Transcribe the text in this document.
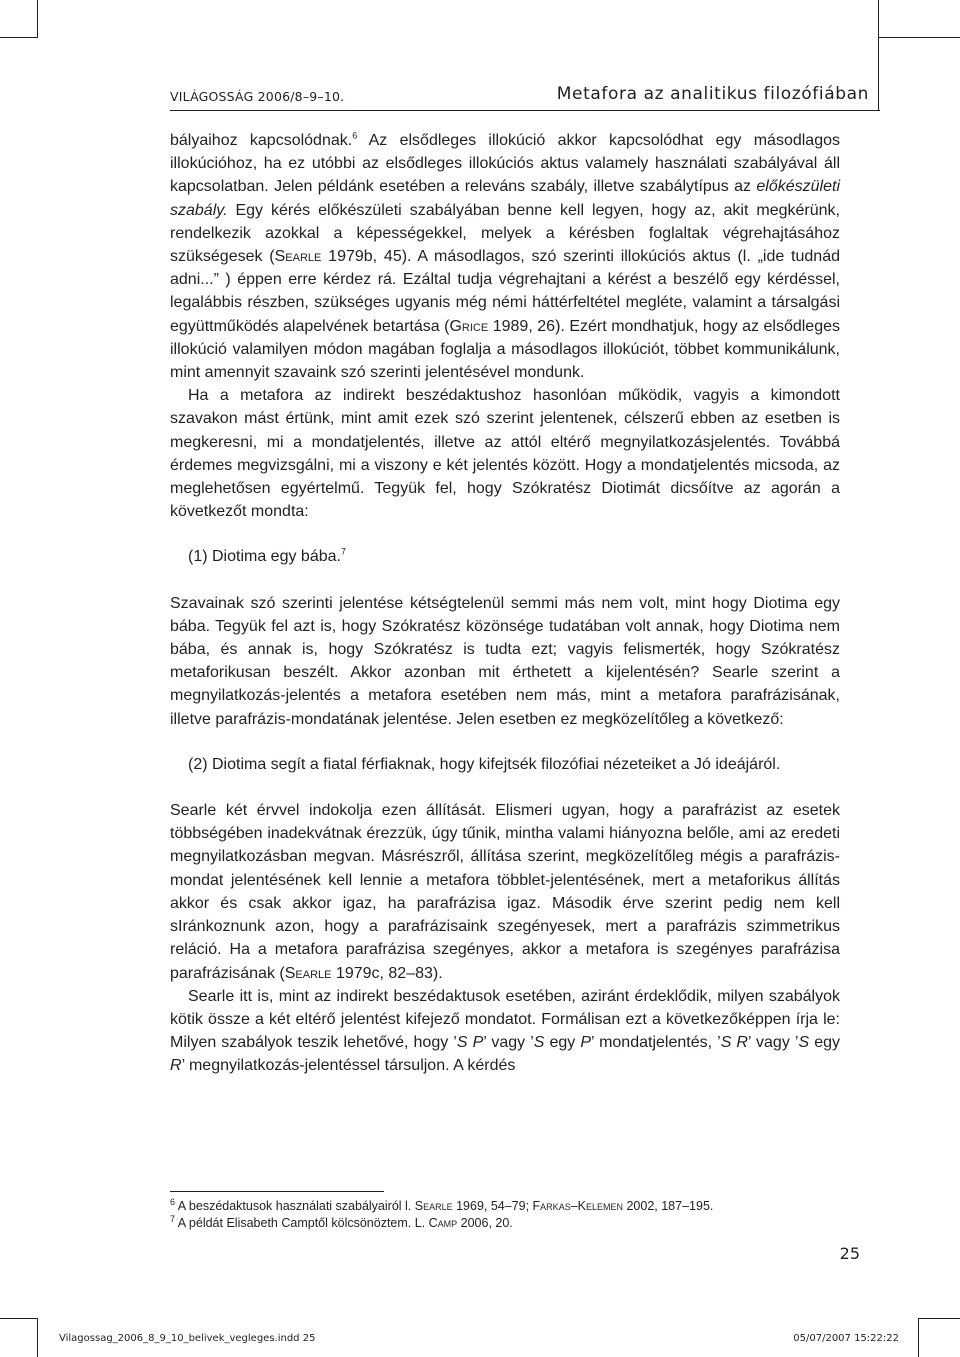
VILÁGOSSÁG 2006/8–9–10.	Metafora az analitikus filozófiában

bályaihoz kapcsolódnak.$^6$ Az elsődleges illokúció akkor kapcsolódhat egy másodlagos illokúcióhoz, ha ez utóbbi az elsődleges illokúciós aktus valamely használati szabályával áll kapcsolatban. Jelen példánk esetében a releváns szabály, illetve szabálytípus az előkészületi szabály. Egy kérés előkészületi szabályában benne kell legyen, hogy az, akit megkérünk, rendelkezik azokkal a képességekkel, melyek a kérésben foglaltak végrehajtásához szükségesek (Searle 1979b, 45). A másodlagos, szó szerinti illokúciós aktus (l. „ide tudnád adni...” ) éppen erre kérdez rá. Ezáltal tudja végrehajtani a kérést a beszélő egy kérdéssel, legalábbis részben, szükséges ugyanis még némi háttérfeltétel megléte, valamint a társalgási együttműködés alapelvének betartása (Grice 1989, 26). Ezért mondhatjuk, hogy az elsődleges illokúció valamilyen módon magában foglalja a másodlagos illokúciót, többet kommunikálunk, mint amennyit szavaink szó szerinti jelentésével mondunk.

Ha a metafora az indirekt beszédaktushoz hasonlóan működik, vagyis a kimondott szavakon mást értünk, mint amit ezek szó szerint jelentenek, célszerű ebben az esetben is megkeresni, mi a mondatjelentés, illetve az attól eltérő megnyilatkozásjelentés. Továbbá érdemes megvizsgálni, mi a viszony e két jelentés között. Hogy a mondatjelentés micsoda, az meglehetősen egyértelmű. Tegyük fel, hogy Szókratész Diotimát dicsőítve az agorán a következőt mondta:

(1) Diotima egy bába.$^7$

Szavainak szó szerinti jelentése kétségtelenül semmi más nem volt, mint hogy Diotima egy bába. Tegyük fel azt is, hogy Szókratész közönsége tudatában volt annak, hogy Diotima nem bába, és annak is, hogy Szókratész is tudta ezt; vagyis felismerték, hogy Szókratész metaforikusan beszélt. Akkor azonban mit érthetett a kijelentésén? Searle szerint a megnyilatkozás-jelentés a metafora esetében nem más, mint a metafora parafrázisának, illetve parafrázis-mondatának jelentése. Jelen esetben ez megközelítőleg a következő:

(2) Diotima segít a fiatal férfiaknak, hogy kifejtsék filozófiai nézeteiket a Jó ideájáról.

Searle két érvvel indokolja ezen állítását. Elismeri ugyan, hogy a parafrázist az esetek többségében inadekvátnak érezzük, úgy tűnik, mintha valami hiányozna belőle, ami az eredeti megnyilatkozásban megvan. Másrészről, állítása szerint, megközelítőleg mégis a parafrázis-mondat jelentésének kell lennie a metafora többlet-jelentésének, mert a metaforikus állítás akkor és csak akkor igaz, ha parafrázisa igaz. Második érve szerint pedig nem kell sIránkoznunk azon, hogy a parafrázisaink szegényesek, mert a parafrázis szimmetrikus reláció. Ha a metafora parafrázisa szegényes, akkor a metafora is szegényes parafrázisa parafrázisának (Searle 1979c, 82–83).

Searle itt is, mint az indirekt beszédaktusok esetében, aziránt érdeklődik, milyen szabályok kötik össze a két eltérő jelentést kifejező mondatot. Formálisan ezt a következőképpen írja le: Milyen szabályok teszik lehetővé, hogy ’S P’ vagy ’S egy P’ mondatjelentés, ’S R’ vagy ’S egy R’ megnyilatkozás-jelentéssel társuljon. A kérdés

$^6$ A beszédaktusok használati szabályairól l. Searle 1969, 54–79; Farkas–Kelemen 2002, 187–195.
$^7$ A példát Elisabeth Camptől kölcsönöztem. L. Camp 2006, 20.
25
Vilagossag_2006_8_9_10_belivek_vegleges.indd 25	05/07/2007 15:22:22
